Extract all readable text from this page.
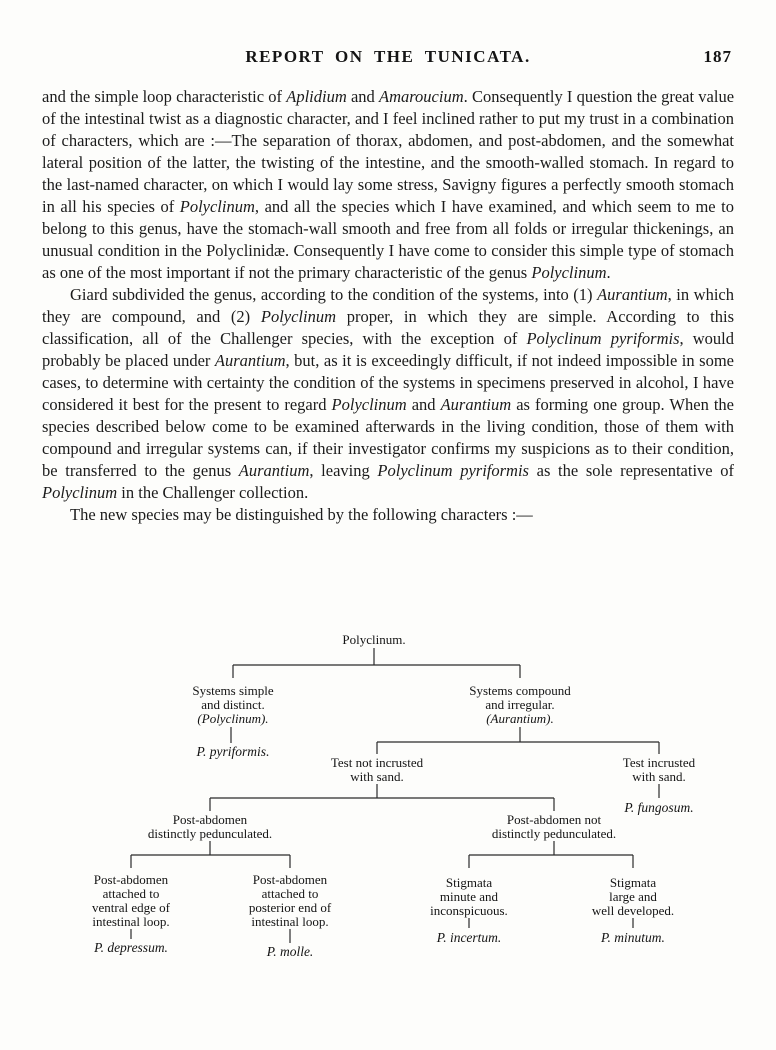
REPORT ON THE TUNICATA.	187

and the simple loop characteristic of Aplidium and Amaroucium. Consequently I question the great value of the intestinal twist as a diagnostic character, and I feel inclined rather to put my trust in a combination of characters, which are :—The separation of thorax, abdomen, and post-abdomen, and the somewhat lateral position of the latter, the twisting of the intestine, and the smooth-walled stomach. In regard to the last-named character, on which I would lay some stress, Savigny figures a perfectly smooth stomach in all his species of Polyclinum, and all the species which I have examined, and which seem to me to belong to this genus, have the stomach-wall smooth and free from all folds or irregular thickenings, an unusual condition in the Polyclinidæ. Consequently I have come to consider this simple type of stomach as one of the most important if not the primary characteristic of the genus Polyclinum.

Giard subdivided the genus, according to the condition of the systems, into (1) Aurantium, in which they are compound, and (2) Polyclinum proper, in which they are simple. According to this classification, all of the Challenger species, with the exception of Polyclinum pyriformis, would probably be placed under Aurantium, but, as it is exceedingly difficult, if not indeed impossible in some cases, to determine with certainty the condition of the systems in specimens preserved in alcohol, I have considered it best for the present to regard Polyclinum and Aurantium as forming one group. When the species described below come to be examined afterwards in the living condition, those of them with compound and irregular systems can, if their investigator confirms my suspicions as to their condition, be transferred to the genus Aurantium, leaving Polyclinum pyriformis as the sole representative of Polyclinum in the Challenger collection.

The new species may be distinguished by the following characters :—

Polyclinum.
Systems simple
and distinct.
(Polyclinum).
P. pyriformis.
Systems compound
and irregular.
(Aurantium).
Test not incrusted
with sand.
Test incrusted
with sand.
P. fungosum.
Post-abdomen
distinctly pedunculated.
Post-abdomen not
distinctly pedunculated.
Post-abdomen
attached to
ventral edge of
intestinal loop.
P. depressum.
Post-abdomen
attached to
posterior end of
intestinal loop.
P. molle.
Stigmata
minute and
inconspicuous.
P. incertum.
Stigmata
large and
well developed.
P. minutum.
